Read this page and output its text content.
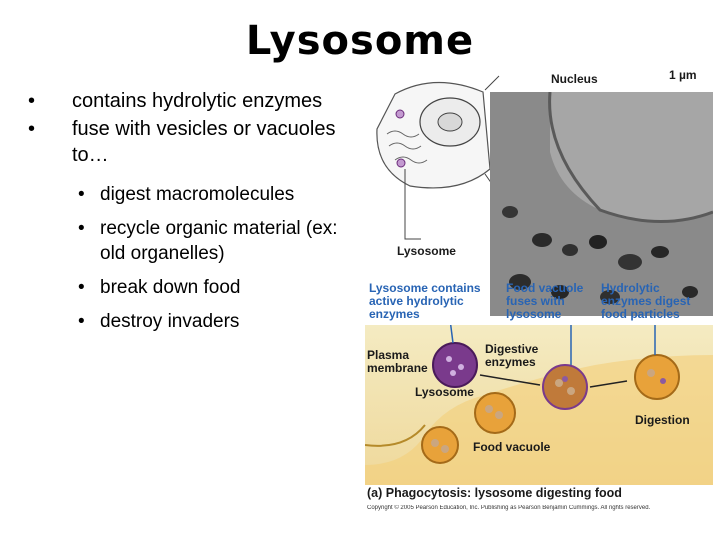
Lysosome
• contains hydrolytic enzymes
• fuse with vesicles or vacuoles to…
• digest macromolecules
• recycle organic material (ex: old organelles)
• break down food
• destroy invaders
Nucleus	1 µm
Lysosome
Lysosome contains active hydrolytic enzymes
Food vacuole fuses with lysosome
Hydrolytic enzymes digest food particles
Plasma membrane
Digestive enzymes
Lysosome
Digestion
Food vacuole
(a) Phagocytosis: lysosome digesting food
Copyright © 2005 Pearson Education, Inc. Publishing as Pearson Benjamin Cummings. All rights reserved.
